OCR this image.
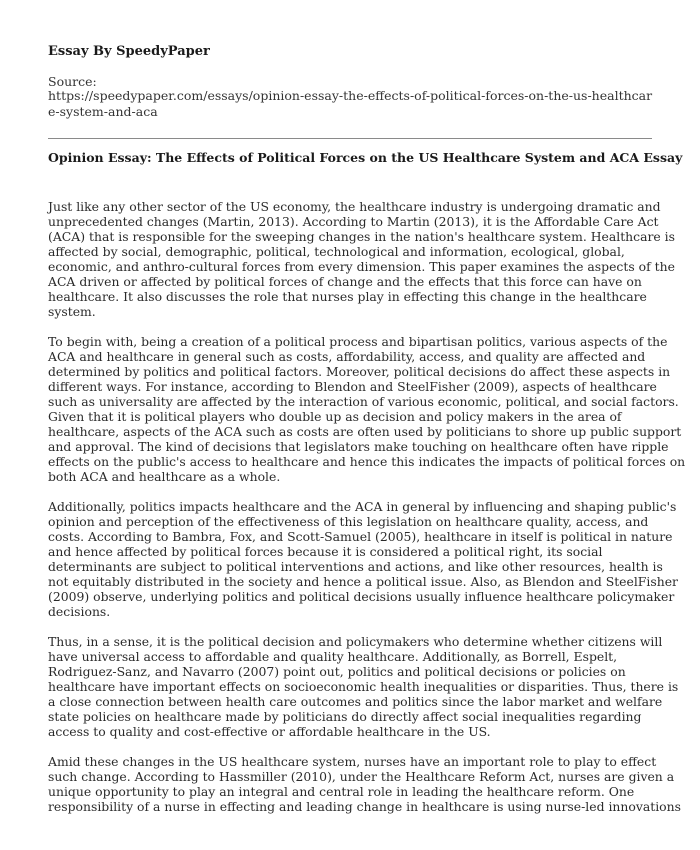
Essay By SpeedyPaper
Source:
https://speedypaper.com/essays/opinion-essay-the-effects-of-political-forces-on-the-us-healthcare-system-and-aca
Opinion Essay: The Effects of Political Forces on the US Healthcare System and ACA Essay
Just like any other sector of the US economy, the healthcare industry is undergoing dramatic and
unprecedented changes (Martin, 2013). According to Martin (2013), it is the Affordable Care Act
(ACA) that is responsible for the sweeping changes in the nation's healthcare system. Healthcare is
affected by social, demographic, political, technological and information, ecological, global,
economic, and anthro-cultural forces from every dimension. This paper examines the aspects of the
ACA driven or affected by political forces of change and the effects that this force can have on
healthcare. It also discusses the role that nurses play in effecting this change in the healthcare
system.
To begin with, being a creation of a political process and bipartisan politics, various aspects of the
ACA and healthcare in general such as costs, affordability, access, and quality are affected and
determined by politics and political factors. Moreover, political decisions do affect these aspects in
different ways. For instance, according to Blendon and SteelFisher (2009), aspects of healthcare
such as universality are affected by the interaction of various economic, political, and social factors.
Given that it is political players who double up as decision and policy makers in the area of
healthcare, aspects of the ACA such as costs are often used by politicians to shore up public support
and approval. The kind of decisions that legislators make touching on healthcare often have ripple
effects on the public's access to healthcare and hence this indicates the impacts of political forces on
both ACA and healthcare as a whole.
Additionally, politics impacts healthcare and the ACA in general by influencing and shaping public's
opinion and perception of the effectiveness of this legislation on healthcare quality, access, and
costs. According to Bambra, Fox, and Scott-Samuel (2005), healthcare in itself is political in nature
and hence affected by political forces because it is considered a political right, its social
determinants are subject to political interventions and actions, and like other resources, health is
not equitably distributed in the society and hence a political issue. Also, as Blendon and SteelFisher
(2009) observe, underlying politics and political decisions usually influence healthcare policymaker
decisions.
Thus, in a sense, it is the political decision and policymakers who determine whether citizens will
have universal access to affordable and quality healthcare. Additionally, as Borrell, Espelt,
Rodriguez-Sanz, and Navarro (2007) point out, politics and political decisions or policies on
healthcare have important effects on socioeconomic health inequalities or disparities. Thus, there is
a close connection between health care outcomes and politics since the labor market and welfare
state policies on healthcare made by politicians do directly affect social inequalities regarding
access to quality and cost-effective or affordable healthcare in the US.
Amid these changes in the US healthcare system, nurses have an important role to play to effect
such change. According to Hassmiller (2010), under the Healthcare Reform Act, nurses are given a
unique opportunity to play an integral and central role in leading the healthcare reform. One
responsibility of a nurse in effecting and leading change in healthcare is using nurse-led innovations
